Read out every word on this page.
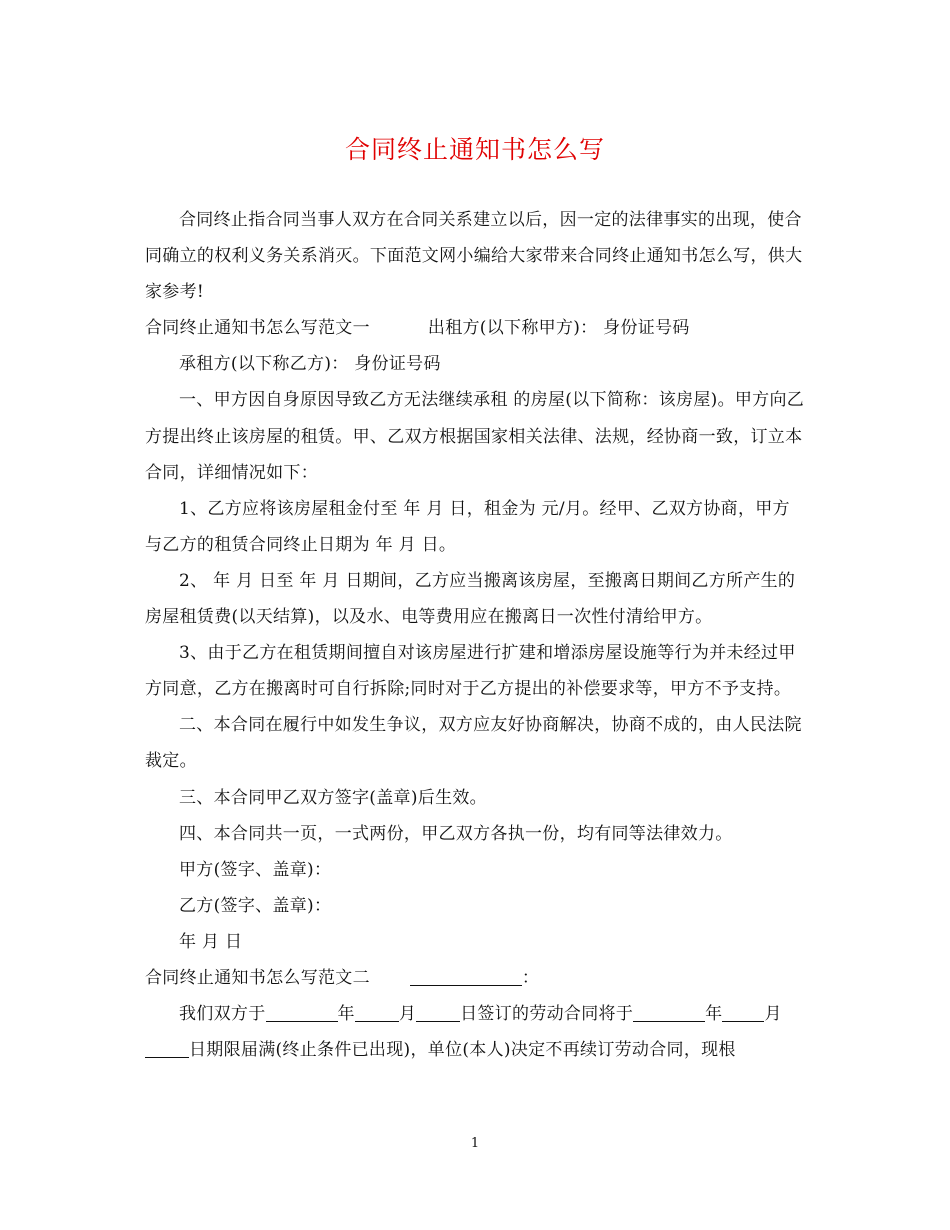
合同终止通知书怎么写

合同终止指合同当事人双方在合同关系建立以后，因一定的法律事实的出现，使合同确立的权利义务关系消灭。下面范文网小编给大家带来合同终止通知书怎么写，供大家参考!

合同终止通知书怎么写范文一	出租方(以下称甲方)： 身份证号码

承租方(以下称乙方)： 身份证号码

一、甲方因自身原因导致乙方无法继续承租 的房屋(以下简称：该房屋)。甲方向乙方提出终止该房屋的租赁。甲、乙双方根据国家相关法律、法规，经协商一致，订立本合同，详细情况如下：

1、乙方应将该房屋租金付至 年 月 日，租金为 元/月。经甲、乙双方协商，甲方与乙方的租赁合同终止日期为 年 月 日。

2、 年 月 日至 年 月 日期间，乙方应当搬离该房屋，至搬离日期间乙方所产生的房屋租赁费(以天结算)，以及水、电等费用应在搬离日一次性付清给甲方。

3、由于乙方在租赁期间擅自对该房屋进行扩建和增添房屋设施等行为并未经过甲方同意，乙方在搬离时可自行拆除;同时对于乙方提出的补偿要求等，甲方不予支持。

二、本合同在履行中如发生争议，双方应友好协商解决，协商不成的，由人民法院裁定。

三、本合同甲乙双方签字(盖章)后生效。

四、本合同共一页，一式两份，甲乙双方各执一份，均有同等法律效力。

甲方(签字、盖章)：

乙方(签字、盖章)：

年 月 日

合同终止通知书怎么写范文二	：

我们双方于	年	月	日签订的劳动合同将于	年 月日期限届满(终止条件已出现)，单位(本人)决定不再续订劳动合同，现根

1
